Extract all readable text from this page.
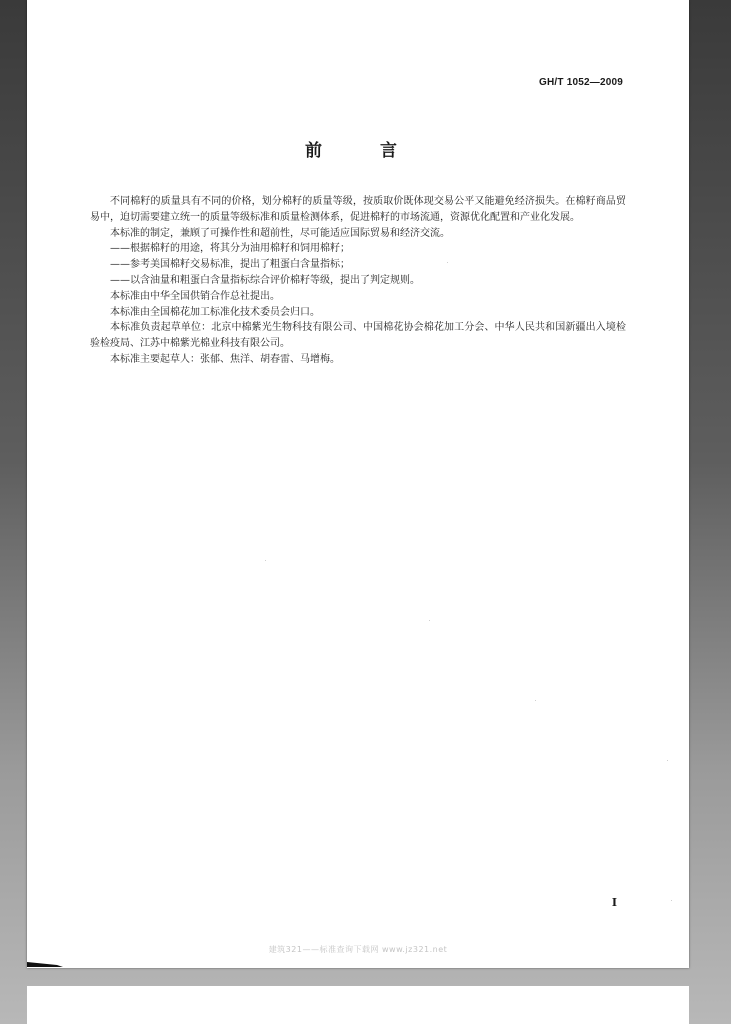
GH/T 1052—2009
前 言

不同棉籽的质量具有不同的价格，划分棉籽的质量等级，按质取价既体现交易公平又能避免经济损失。在棉籽商品贸易中，迫切需要建立统一的质量等级标准和质量检测体系，促进棉籽的市场流通，资源优化配置和产业化发展。

本标准的制定，兼顾了可操作性和超前性，尽可能适应国际贸易和经济交流。

——根据棉籽的用途，将其分为油用棉籽和饲用棉籽；

——参考美国棉籽交易标准，提出了粗蛋白含量指标；

——以含油量和粗蛋白含量指标综合评价棉籽等级，提出了判定规则。

本标准由中华全国供销合作总社提出。

本标准由全国棉花加工标准化技术委员会归口。

本标准负责起草单位：北京中棉紫光生物科技有限公司、中国棉花协会棉花加工分会、中华人民共和国新疆出入境检验检疫局、江苏中棉紫光棉业科技有限公司。

本标准主要起草人：张郁、焦洋、胡春雷、马增梅。

I
建筑321——标准查询下载网 www.jz321.net
